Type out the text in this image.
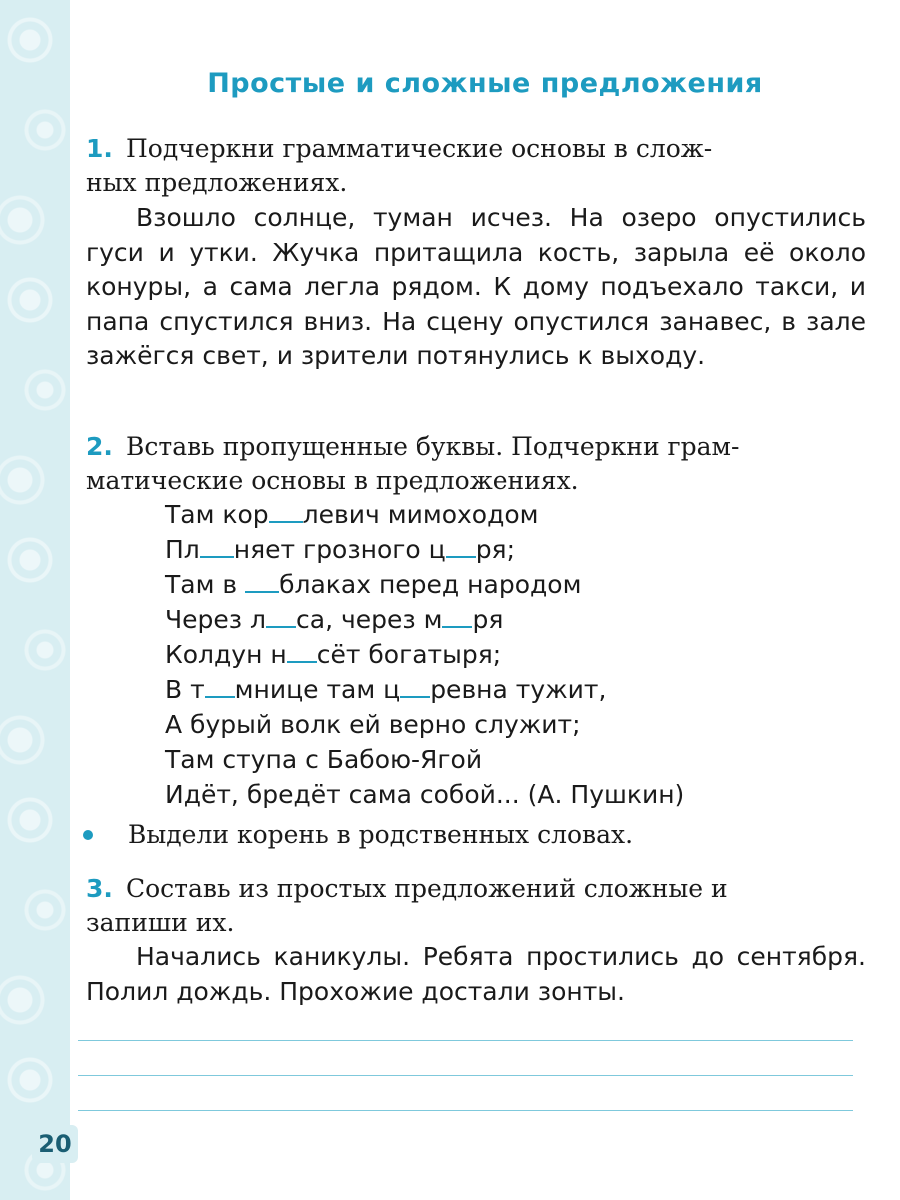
Простые и сложные предложения
1. Подчеркни грамматические основы в слож-
ных предложениях.
Взошло солнце, туман исчез. На озеро опустились гуси и утки. Жучка притащила кость, зарыла её около конуры, а сама легла рядом. К дому подъехало такси, и папа спустился вниз. На сцену опустился занавес, в зале зажёгся свет, и зрители потянулись к выходу.
2. Вставь пропущенные буквы. Подчеркни грам-
матические основы в предложениях.
Там кор левич мимоходом
Пл няет грозного ц ря;
Там в блаках перед народом
Через л са, через м ря
Колдун н сёт богатыря;
В т мнице там ц ревна тужит,
А бурый волк ей верно служит;
Там ступа с Бабою-Ягой
Идёт, бредёт сама собой... (А. Пушкин)
Выдели корень в родственных словах.
3. Составь из простых предложений сложные и
запиши их.
Начались каникулы. Ребята простились до сентября. Полил дождь. Прохожие достали зонты.
20
